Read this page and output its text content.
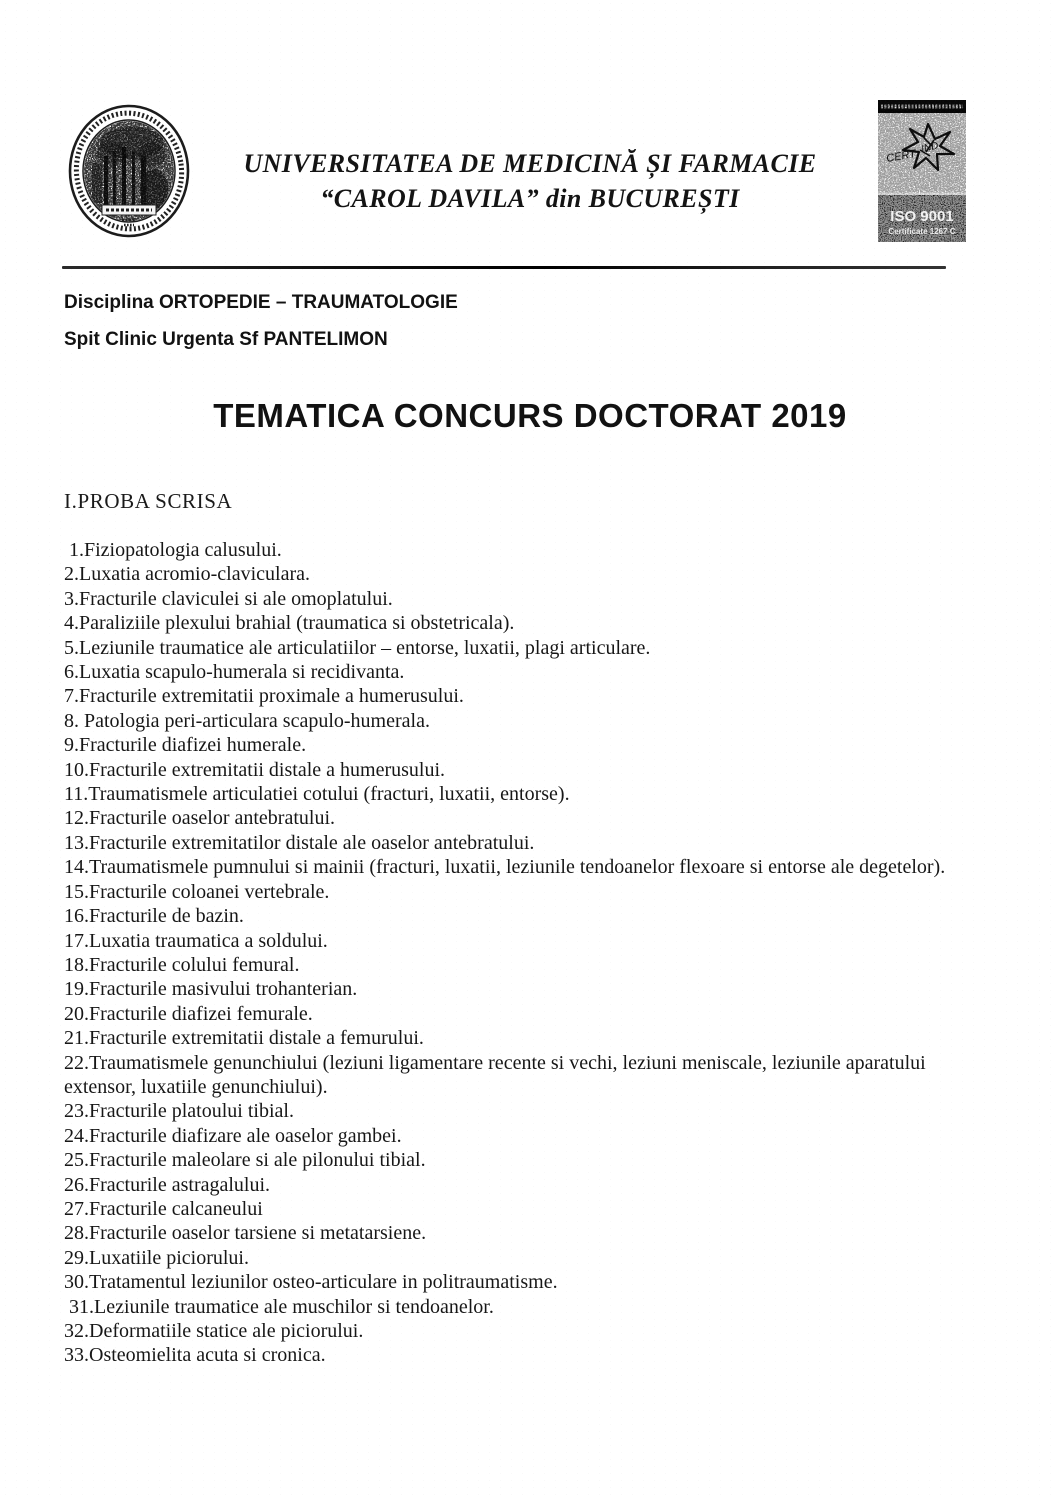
UNIVERSITATEA DE MEDICINĂ ȘI FARMACIE
“CAROL DAVILA” din BUCUREȘTI
CERT
IND
ISO 9001
Certificate 1267 C
Disciplina ORTOPEDIE – TRAUMATOLOGIE
Spit Clinic Urgenta Sf PANTELIMON
TEMATICA CONCURS DOCTORAT 2019
I.PROBA SCRISA
1.Fiziopatologia calusului.
2.Luxatia acromio-claviculara.
3.Fracturile claviculei si ale omoplatului.
4.Paraliziile plexului brahial (traumatica si obstetricala).
5.Leziunile traumatice ale articulatiilor – entorse, luxatii, plagi articulare.
6.Luxatia scapulo-humerala si recidivanta.
7.Fracturile extremitatii proximale a humerusului.
8. Patologia peri-articulara scapulo-humerala.
9.Fracturile diafizei humerale.
10.Fracturile extremitatii distale a humerusului.
11.Traumatismele articulatiei cotului (fracturi, luxatii, entorse).
12.Fracturile oaselor antebratului.
13.Fracturile extremitatilor distale ale oaselor antebratului.
14.Traumatismele pumnului si mainii (fracturi, luxatii, leziunile tendoanelor flexoare si entorse ale degetelor).
15.Fracturile coloanei vertebrale.
16.Fracturile de bazin.
17.Luxatia traumatica a soldului.
18.Fracturile colului femural.
19.Fracturile masivului trohanterian.
20.Fracturile diafizei femurale.
21.Fracturile extremitatii distale a femurului.
22.Traumatismele genunchiului (leziuni ligamentare recente si vechi, leziuni meniscale, leziunile aparatului extensor, luxatiile genunchiului).
23.Fracturile platoului tibial.
24.Fracturile diafizare ale oaselor gambei.
25.Fracturile maleolare si ale pilonului tibial.
26.Fracturile astragalului.
27.Fracturile calcaneului
28.Fracturile oaselor tarsiene si metatarsiene.
29.Luxatiile piciorului.
30.Tratamentul leziunilor osteo-articulare in politraumatisme.
31.Leziunile traumatice ale muschilor si tendoanelor.
32.Deformatiile statice ale piciorului.
33.Osteomielita acuta si cronica.
